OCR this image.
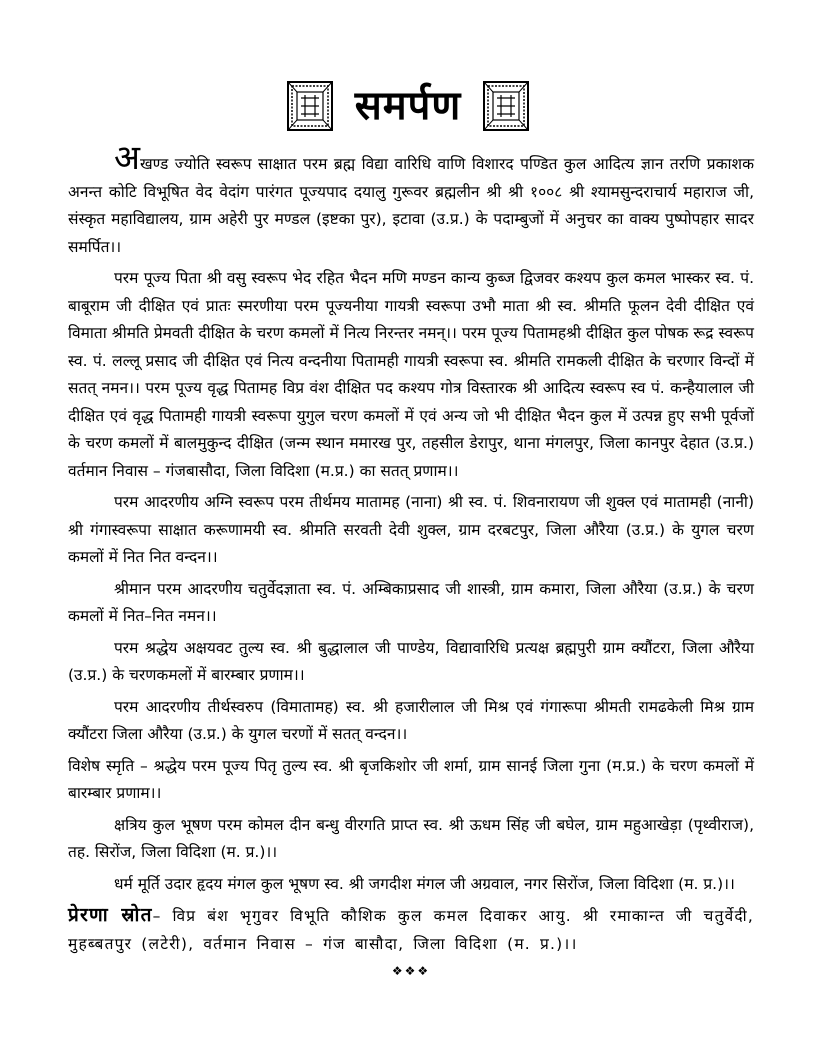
समर्पण

अखण्ड ज्योति स्वरूप साक्षात परम ब्रह्म विद्या वारिधि वाणि विशारद पण्डित कुल आदित्य ज्ञान तरणि प्रकाशक अनन्त कोटि विभूषित वेद वेदांग पारंगत पूज्यपाद दयालु गुरूवर ब्रह्मलीन श्री श्री १००८ श्री श्यामसुन्दराचार्य महाराज जी, संस्कृत महाविद्यालय, ग्राम अहेरी पुर मण्डल (इष्टका पुर), इटावा (उ.प्र.) के पदाम्बुजों में अनुचर का वाक्य पुष्पोपहार सादर समर्पित।।

परम पूज्य पिता श्री वसु स्वरूप भेद रहित भैदन मणि मण्डन कान्य कुब्ज द्विजवर कश्यप कुल कमल भास्कर स्व. पं. बाबूराम जी दीक्षित एवं प्रातः स्मरणीया परम पूज्यनीया गायत्री स्वरूपा उभौ माता श्री स्व. श्रीमति फूलन देवी दीक्षित एवं विमाता श्रीमति प्रेमवती दीक्षित के चरण कमलों में नित्य निरन्तर नमन्।। परम पूज्य पितामहश्री दीक्षित कुल पोषक रूद्र स्वरूप स्व. पं. लल्लू प्रसाद जी दीक्षित एवं नित्य वन्दनीया पितामही गायत्री स्वरूपा स्व. श्रीमति रामकली दीक्षित के चरणार विन्दों में सतत् नमन।। परम पूज्य वृद्ध पितामह विप्र वंश दीक्षित पद कश्यप गोत्र विस्तारक श्री आदित्य स्वरूप स्व पं. कन्हैयालाल जी दीक्षित एवं वृद्ध पितामही गायत्री स्वरूपा युगुल चरण कमलों में एवं अन्य जो भी दीक्षित भैदन कुल में उत्पन्न हुए सभी पूर्वजों के चरण कमलों में बालमुकुन्द दीक्षित (जन्म स्थान ममारख पुर, तहसील डेरापुर, थाना मंगलपुर, जिला कानपुर देहात (उ.प्र.) वर्तमान निवास – गंजबासौदा, जिला विदिशा (म.प्र.) का सतत् प्रणाम।।

परम आदरणीय अग्नि स्वरूप परम तीर्थमय मातामह (नाना) श्री स्व. पं. शिवनारायण जी शुक्ल एवं मातामही (नानी) श्री गंगास्वरूपा साक्षात करूणामयी स्व. श्रीमति सरवती देवी शुक्ल, ग्राम दरबटपुर, जिला औरैया (उ.प्र.) के युगल चरण कमलों में नित नित वन्दन।।

श्रीमान परम आदरणीय चतुर्वेदज्ञाता स्व. पं. अम्बिकाप्रसाद जी शास्त्री, ग्राम कमारा, जिला औरैया (उ.प्र.) के चरण कमलों में नित–नित नमन।।

परम श्रद्धेय अक्षयवट तुल्य स्व. श्री बुद्धालाल जी पाण्डेय, विद्यावारिधि प्रत्यक्ष ब्रह्मपुरी ग्राम क्यौंटरा, जिला औरैया (उ.प्र.) के चरणकमलों में बारम्बार प्रणाम।।

परम आदरणीय तीर्थस्वरुप (विमातामह) स्व. श्री हजारीलाल जी मिश्र एवं गंगारूपा श्रीमती रामढकेली मिश्र ग्राम क्यौंटरा जिला औरैया (उ.प्र.) के युगल चरणों में सतत् वन्दन।।

विशेष स्मृति – श्रद्धेय परम पूज्य पितृ तुल्य स्व. श्री बृजकिशोर जी शर्मा, ग्राम सानई जिला गुना (म.प्र.) के चरण कमलों में बारम्बार प्रणाम।।

क्षत्रिय कुल भूषण परम कोमल दीन बन्धु वीरगति प्राप्त स्व. श्री ऊधम सिंह जी बघेल, ग्राम महुआखेड़ा (पृथ्वीराज), तह. सिरोंज, जिला विदिशा (म. प्र.)।।

धर्म मूर्ति उदार हृदय मंगल कुल भूषण स्व. श्री जगदीश मंगल जी अग्रवाल, नगर सिरोंज, जिला विदिशा (म. प्र.)।।

प्रेरणा स्रोत– विप्र बंश भृगुवर विभूति कौशिक कुल कमल दिवाकर आयु. श्री रमाकान्त जी चतुर्वेदी, मुहब्बतपुर (लटेरी), वर्तमान निवास – गंज बासौदा, जिला विदिशा (म. प्र.)।।

❖❖❖
